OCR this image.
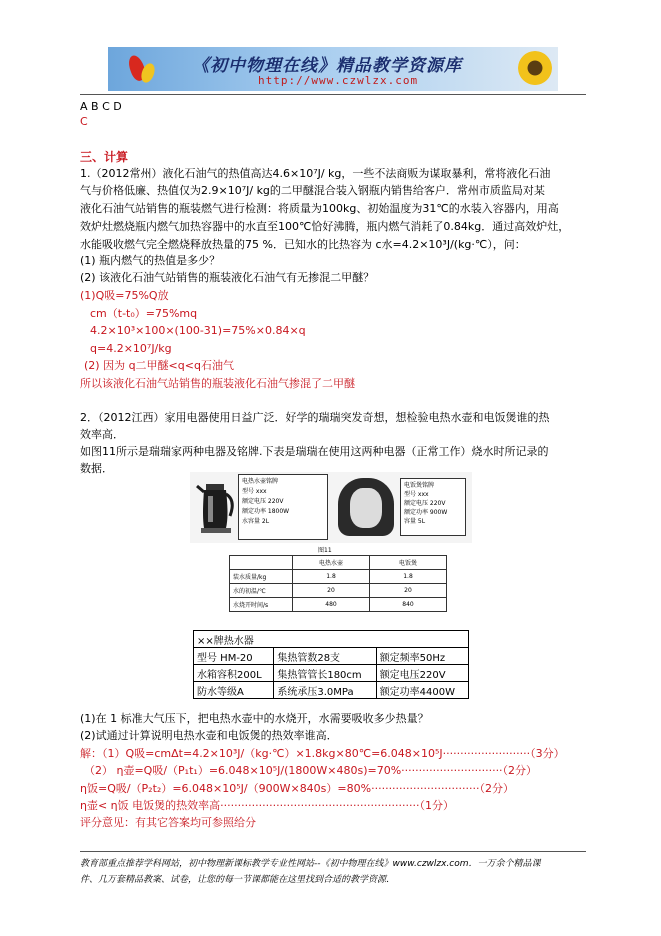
《初中物理在线》精品教学资源库
http://www.czwlzx.com
A B C D
C
三、计算
1.（2012常州）液化石油气的热值高达4.6×10⁷J/ kg，一些不法商贩为谋取暴利，常将液化石油
气与价格低廉、热值仅为2.9×10⁷J/ kg的二甲醚混合装入钢瓶内销售给客户．常州市质监局对某
液化石油气站销售的瓶装燃气进行检测：将质量为100kg、初始温度为31℃的水装入容器内，用高
效炉灶燃烧瓶内燃气加热容器中的水直至100℃恰好沸腾，瓶内燃气消耗了0.84kg．通过高效炉灶，
水能吸收燃气完全燃烧释放热量的75 %．已知水的比热容为 c水=4.2×10³J/(kg·℃），问：
(1) 瓶内燃气的热值是多少？
(2) 该液化石油气站销售的瓶装液化石油气有无掺混二甲醚？
(1)Q吸=75%Q放
cm（t-t₀）=75%mq
4.2×10³×100×(100-31)=75%×0.84×q
q=4.2×10⁷J/kg
(2) 因为 q二甲醚<q<q石油气
所以该液化石油气站销售的瓶装液化石油气掺混了二甲醚
2．（2012江西）家用电器使用日益广泛．好学的瑞瑞突发奇想，想检验电热水壶和电饭煲谁的热
效率高．
如图11所示是瑞瑞家两种电器及铭牌.下表是瑞瑞在使用这两种电器（正常工作）烧水时所记录的
数据．
电热水壶铭牌
型号 xxx
额定电压 220V
额定功率 1800W
水容量 2L
电饭煲铭牌
型号 xxx
额定电压 220V
额定功率 900W
容量 5L
图11
	电热水壶	电饭煲
装水质量/kg	1.8	1.8
水的初温/℃	20	20
水烧开时间/s	480	840
××牌热水器		
型号 HM-20	集热管数28支	额定频率50Hz
水箱容积200L	集热管管长180cm	额定电压220V
防水等级A	系统承压3.0MPa	额定功率4400W
(1)在 1 标准大气压下，把电热水壶中的水烧开，水需要吸收多少热量？
(2)试通过计算说明电热水壶和电饭煲的热效率谁高．
解：（1）Q吸=cmΔt=4.2×10³J/（kg·℃）×1.8kg×80℃=6.048×10⁵J·························（3分）
（2） η壶=Q吸/（P₁t₁）=6.048×10⁵J/(1800W×480s)=70%·····························（2分）
η饭=Q吸/（P₂t₂）=6.048×10⁵J/（900W×840s）=80%·······························（2分）
η壶< η饭 电饭煲的热效率高·························································（1分）
评分意见：有其它答案均可参照给分
教育部重点推荐学科网站，初中物理新课标教学专业性网站--《初中物理在线》www.czwlzx.com．一万余个精品课
件、几万套精品教案、试卷，让您的每一节课都能在这里找到合适的教学资源．
